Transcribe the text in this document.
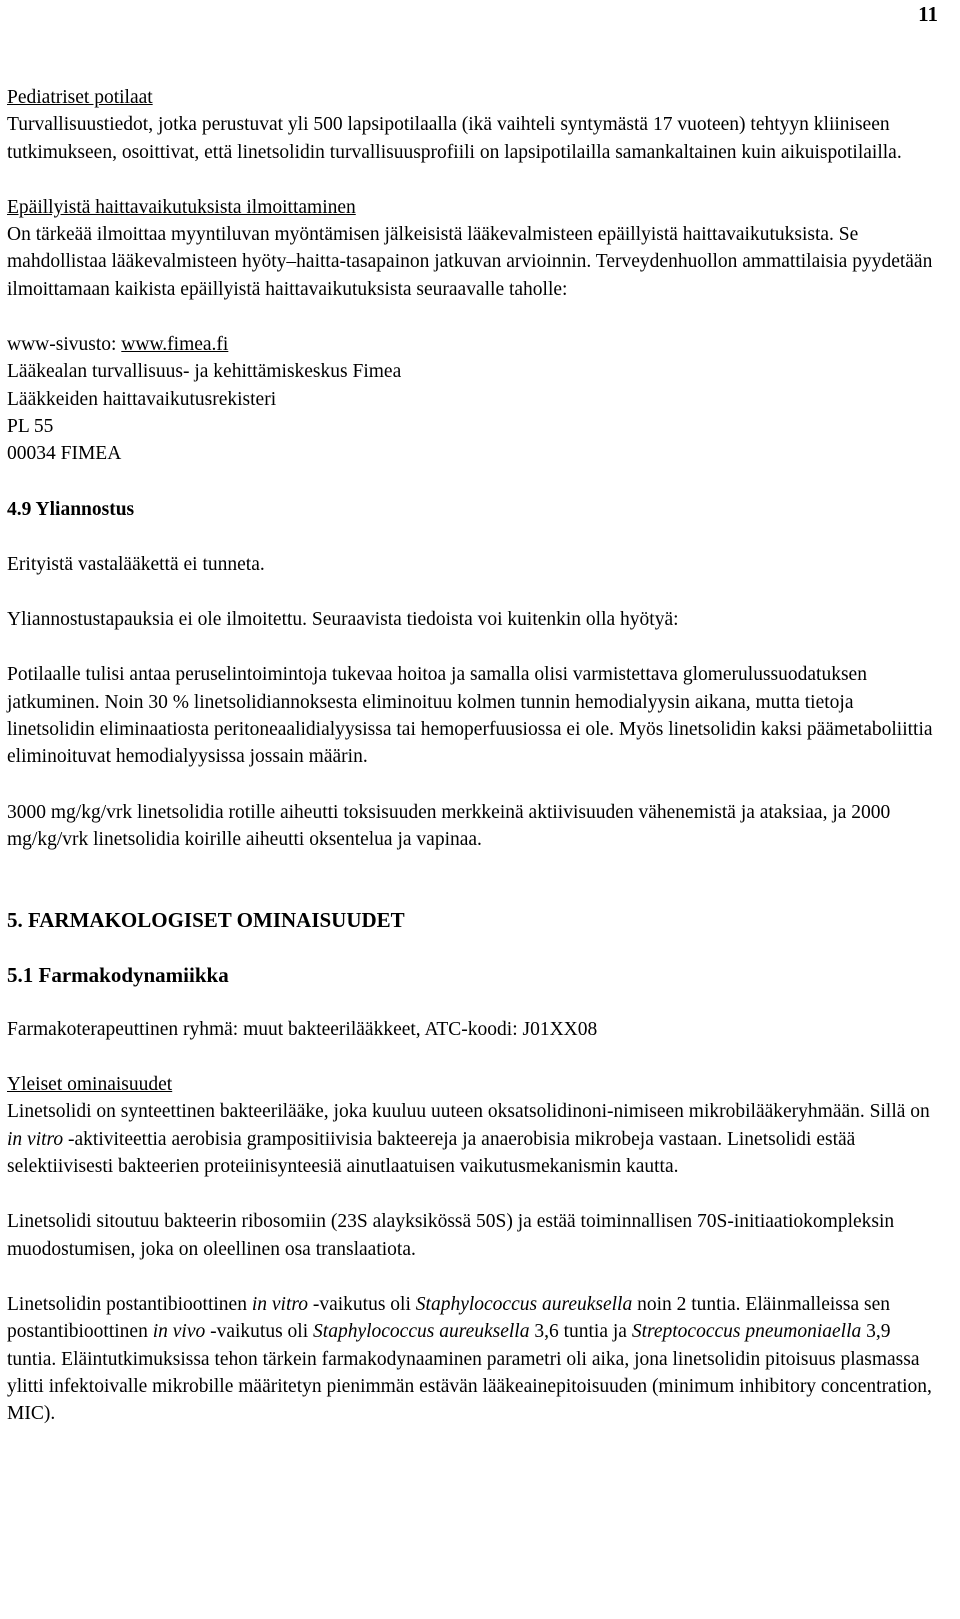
11

Pediatriset potilaat

Turvallisuustiedot, jotka perustuvat yli 500 lapsipotilaalla (ikä vaihteli syntymästä 17 vuoteen) tehtyyn kliiniseen tutkimukseen, osoittivat, että linetsolidin turvallisuusprofiili on lapsipotilailla samankaltainen kuin aikuispotilailla.

Epäillyistä haittavaikutuksista ilmoittaminen

On tärkeää ilmoittaa myyntiluvan myöntämisen jälkeisistä lääkevalmisteen epäillyistä haittavaikutuksista. Se mahdollistaa lääkevalmisteen hyöty–haitta-tasapainon jatkuvan arvioinnin. Terveydenhuollon ammattilaisia pyydetään ilmoittamaan kaikista epäillyistä haittavaikutuksista seuraavalle taholle:

www-sivusto: www.fimea.fi

Lääkealan turvallisuus- ja kehittämiskeskus Fimea

Lääkkeiden haittavaikutusrekisteri

PL 55

00034 FIMEA

4.9 Yliannostus

Erityistä vastalääkettä ei tunneta.

Yliannostustapauksia ei ole ilmoitettu. Seuraavista tiedoista voi kuitenkin olla hyötyä:

Potilaalle tulisi antaa peruselintoimintoja tukevaa hoitoa ja samalla olisi varmistettava glomerulussuodatuksen jatkuminen. Noin 30 % linetsolidiannoksesta eliminoituu kolmen tunnin hemodialyysin aikana, mutta tietoja linetsolidin eliminaatiosta peritoneaalidialyysissa tai hemoperfuusiossa ei ole. Myös linetsolidin kaksi päämetaboliittia eliminoituvat hemodialyysissa jossain määrin.

3000 mg/kg/vrk linetsolidia rotille aiheutti toksisuuden merkkeinä aktiivisuuden vähenemistä ja ataksiaa, ja 2000 mg/kg/vrk linetsolidia koirille aiheutti oksentelua ja vapinaa.

5. FARMAKOLOGISET OMINAISUUDET

5.1 Farmakodynamiikka

Farmakoterapeuttinen ryhmä: muut bakteerilääkkeet, ATC-koodi: J01XX08

Yleiset ominaisuudet

Linetsolidi on synteettinen bakteerilääke, joka kuuluu uuteen oksatsolidinoni-nimiseen mikrobilääkeryhmään. Sillä on in vitro -aktiviteettia aerobisia grampositiivisia bakteereja ja anaerobisia mikrobeja vastaan. Linetsolidi estää selektiivisesti bakteerien proteiinisynteesiä ainutlaatuisen vaikutusmekanismin kautta.

Linetsolidi sitoutuu bakteerin ribosomiin (23S alayksikössä 50S) ja estää toiminnallisen 70S-initiaatiokompleksin muodostumisen, joka on oleellinen osa translaatiota.

Linetsolidin postantibioottinen in vitro -vaikutus oli Staphylococcus aureuksella noin 2 tuntia. Eläinmalleissa sen postantibioottinen in vivo -vaikutus oli Staphylococcus aureuksella 3,6 tuntia ja Streptococcus pneumoniaella 3,9 tuntia. Eläintutkimuksissa tehon tärkein farmakodynaaminen parametri oli aika, jona linetsolidin pitoisuus plasmassa ylitti infektoivalle mikrobille määritetyn pienimmän estävän lääkeainepitoisuuden (minimum inhibitory concentration, MIC).
